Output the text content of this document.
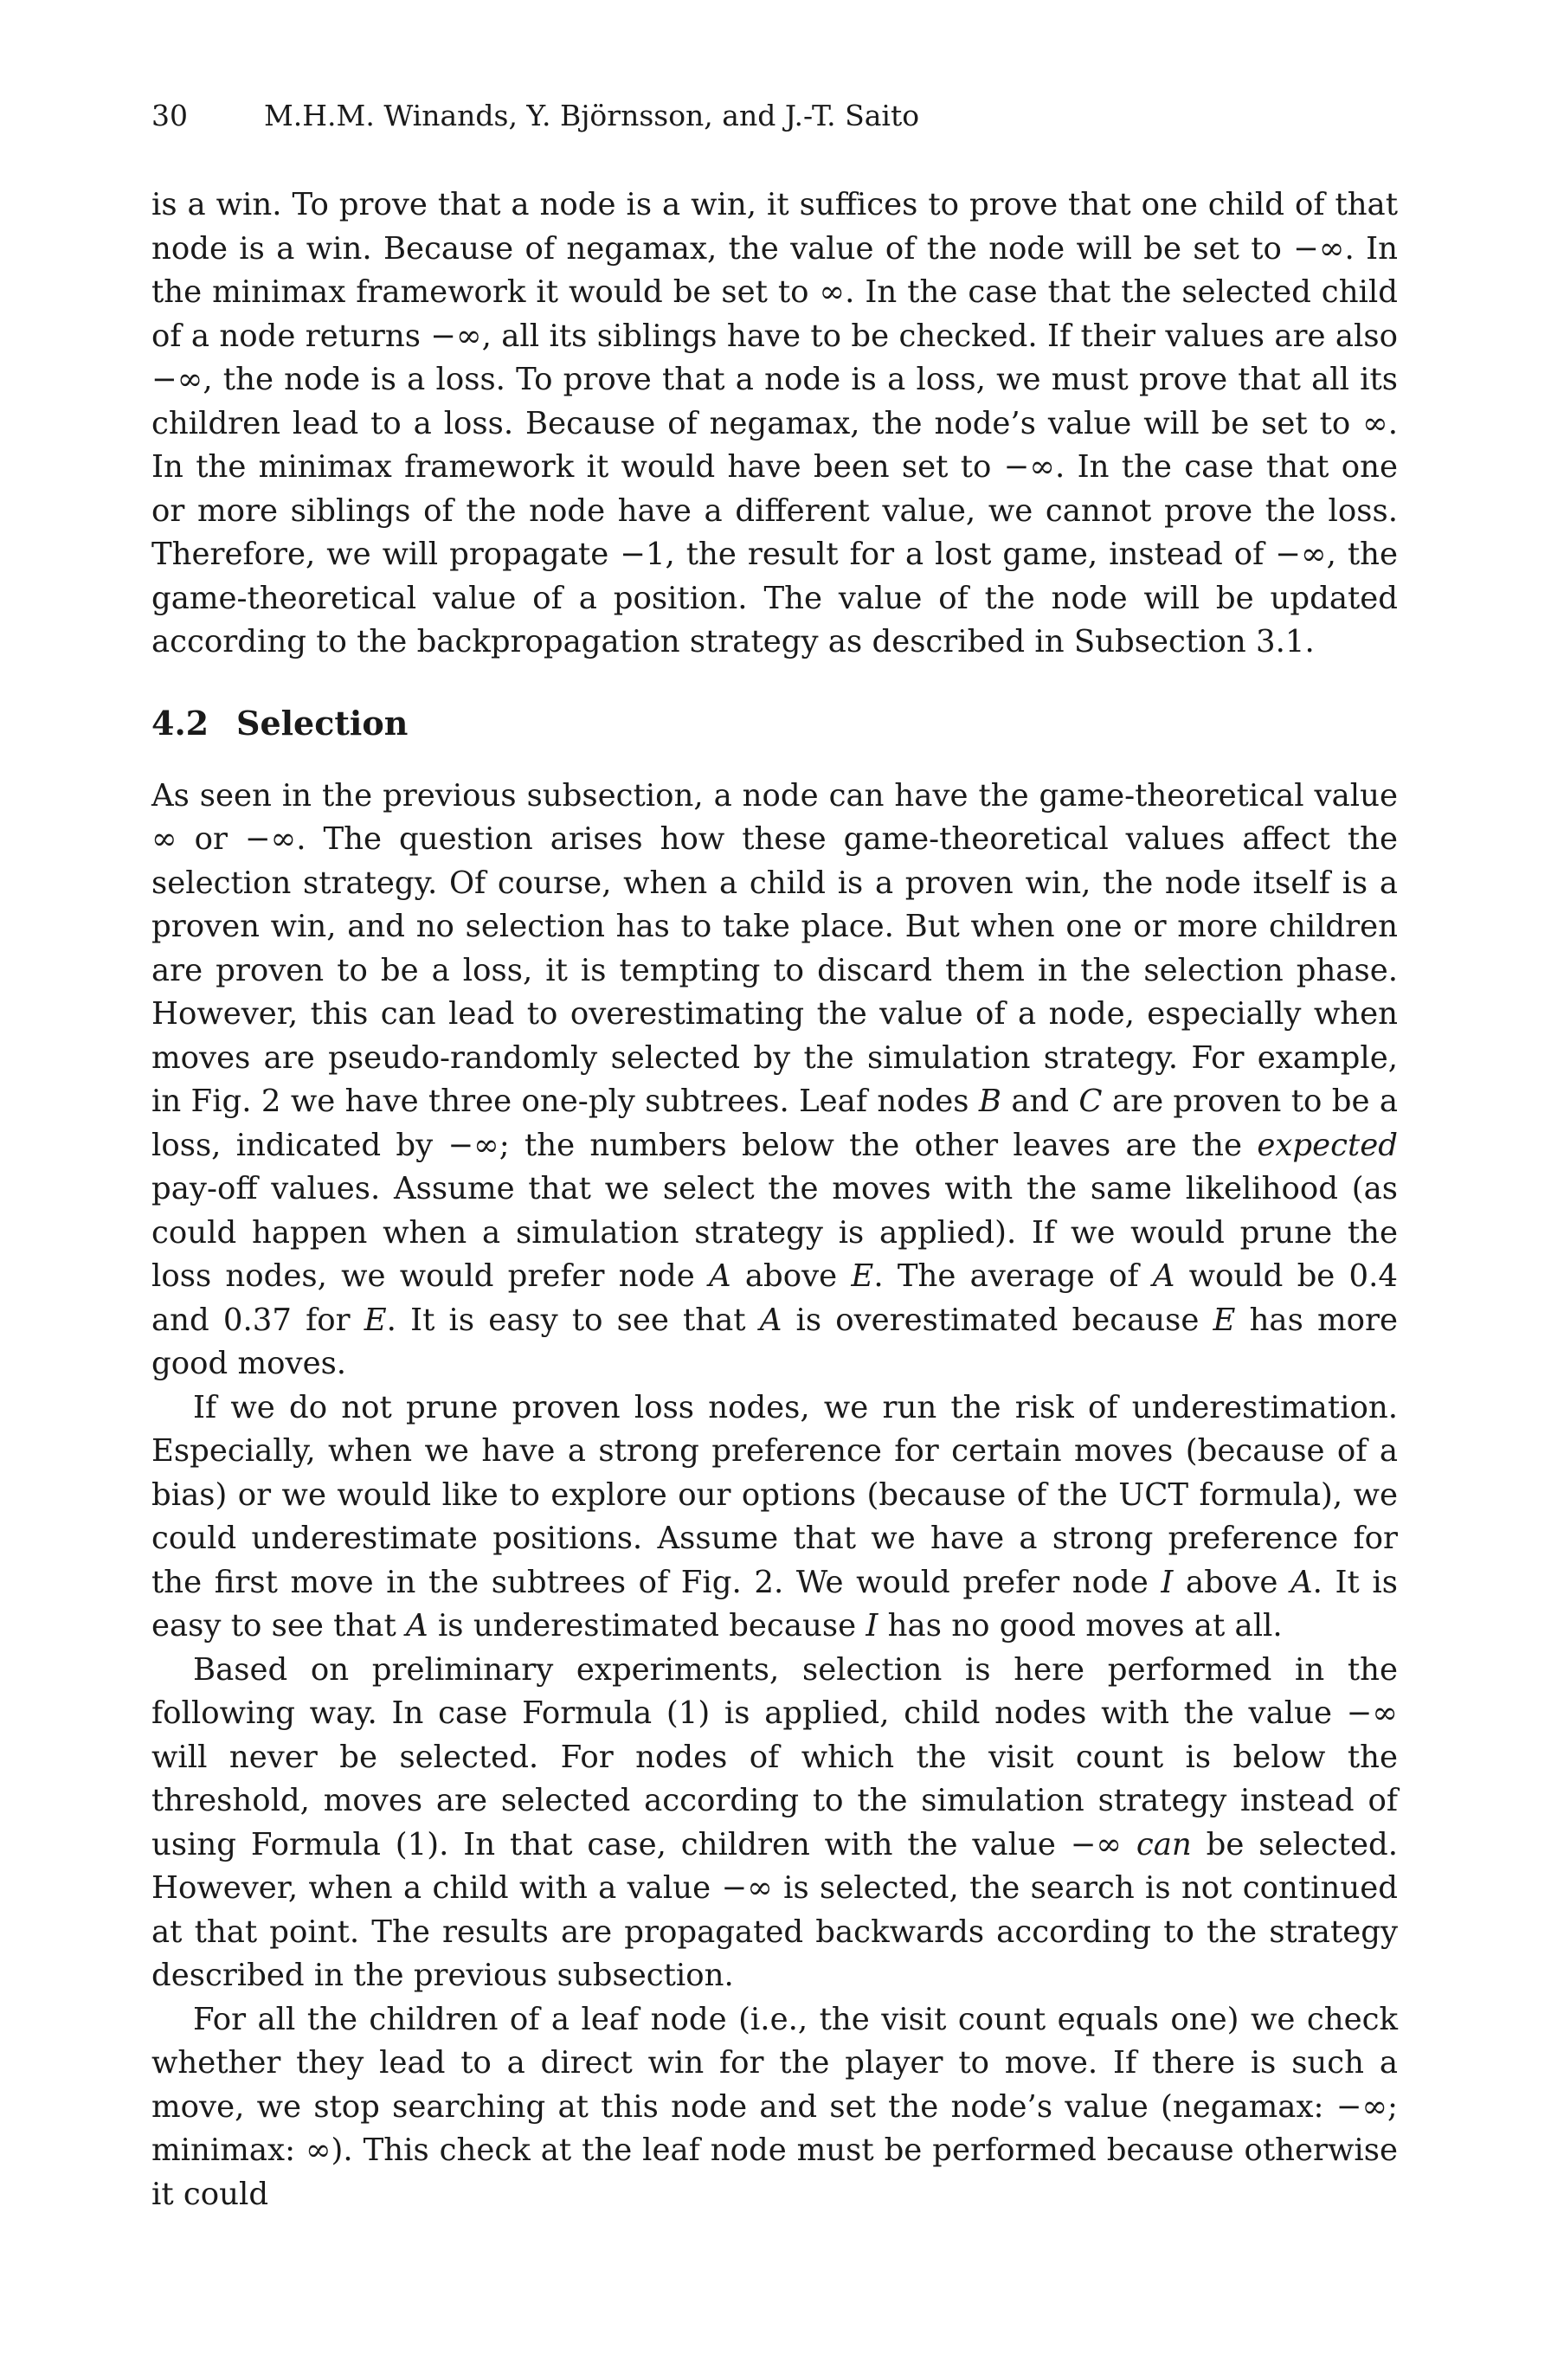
30	M.H.M. Winands, Y. Björnsson, and J.-T. Saito

is a win. To prove that a node is a win, it suffices to prove that one child of that node is a win. Because of negamax, the value of the node will be set to −∞. In the minimax framework it would be set to ∞. In the case that the selected child of a node returns −∞, all its siblings have to be checked. If their values are also −∞, the node is a loss. To prove that a node is a loss, we must prove that all its children lead to a loss. Because of negamax, the node’s value will be set to ∞. In the minimax framework it would have been set to −∞. In the case that one or more siblings of the node have a different value, we cannot prove the loss. Therefore, we will propagate −1, the result for a lost game, instead of −∞, the game-theoretical value of a position. The value of the node will be updated according to the backpropagation strategy as described in Subsection 3.1.

4.2 Selection

As seen in the previous subsection, a node can have the game-theoretical value ∞ or −∞. The question arises how these game-theoretical values affect the selection strategy. Of course, when a child is a proven win, the node itself is a proven win, and no selection has to take place. But when one or more children are proven to be a loss, it is tempting to discard them in the selection phase. However, this can lead to overestimating the value of a node, especially when moves are pseudo-randomly selected by the simulation strategy. For example, in Fig. 2 we have three one-ply subtrees. Leaf nodes B and C are proven to be a loss, indicated by −∞; the numbers below the other leaves are the expected pay-off values. Assume that we select the moves with the same likelihood (as could happen when a simulation strategy is applied). If we would prune the loss nodes, we would prefer node A above E. The average of A would be 0.4 and 0.37 for E. It is easy to see that A is overestimated because E has more good moves.

If we do not prune proven loss nodes, we run the risk of underestimation. Especially, when we have a strong preference for certain moves (because of a bias) or we would like to explore our options (because of the UCT formula), we could underestimate positions. Assume that we have a strong preference for the first move in the subtrees of Fig. 2. We would prefer node I above A. It is easy to see that A is underestimated because I has no good moves at all.

Based on preliminary experiments, selection is here performed in the following way. In case Formula (1) is applied, child nodes with the value −∞ will never be selected. For nodes of which the visit count is below the threshold, moves are selected according to the simulation strategy instead of using Formula (1). In that case, children with the value −∞ can be selected. However, when a child with a value −∞ is selected, the search is not continued at that point. The results are propagated backwards according to the strategy described in the previous subsection.

For all the children of a leaf node (i.e., the visit count equals one) we check whether they lead to a direct win for the player to move. If there is such a move, we stop searching at this node and set the node’s value (negamax: −∞; minimax: ∞). This check at the leaf node must be performed because otherwise it could
